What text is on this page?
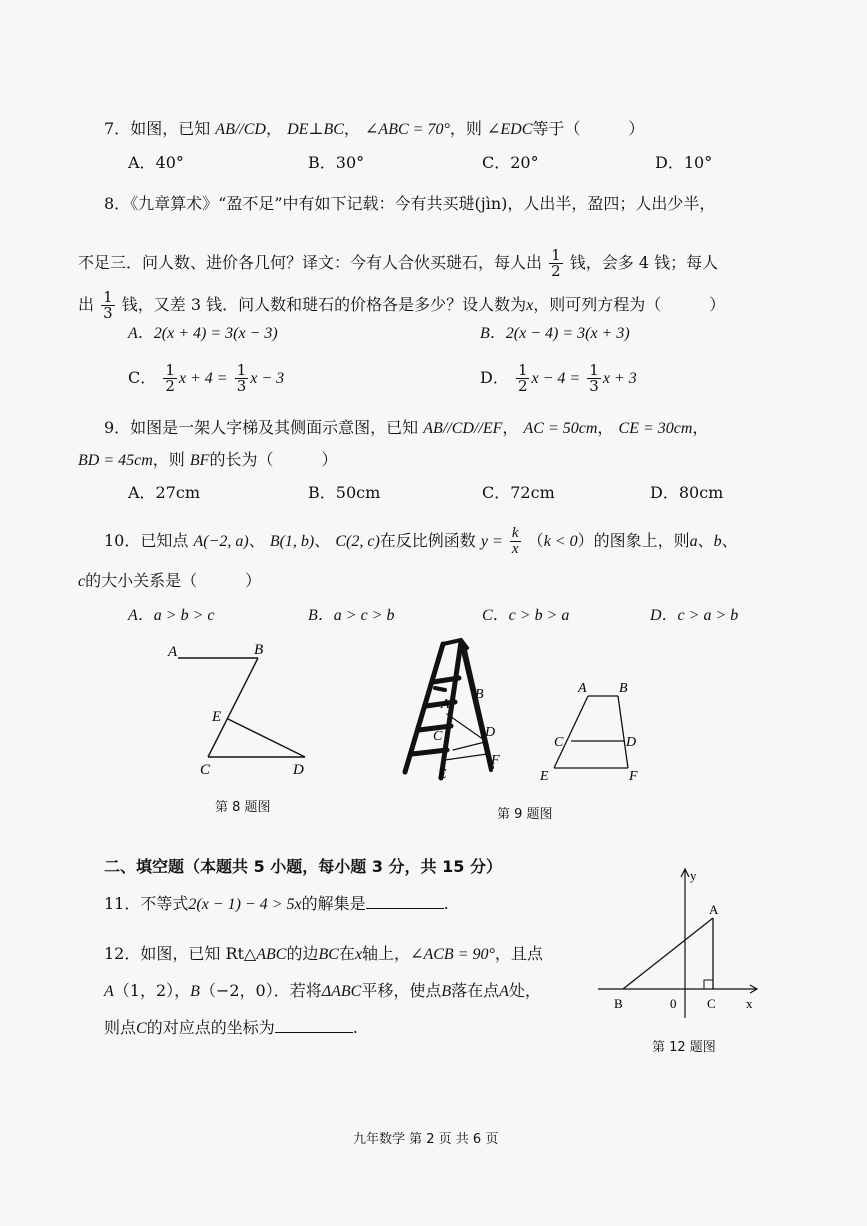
7．如图，已知 AB//CD， DE⊥BC， ∠ABC = 70°，则 ∠EDC等于（	）
A．40°	B．30°	C．20°	D．10°
8．《九章算术》“盈不足”中有如下记载：今有共买琎(jìn)，人出半，盈四；人出少半，
不足三．问人数、进价各几何？译文：今有人合伙买琎石，每人出 $\frac{1}{2}$ 钱，会多 4 钱；每人
出 $\frac{1}{3}$ 钱，又差 3 钱．问人数和琎石的价格各是多少？设人数为x，则可列方程为（	）
A．2(x + 4) = 3(x − 3)	B．2(x − 4) = 3(x + 3)
C． $\frac{1}{2}$ $x + 4 = \frac{1}{3}$ x − 3	D． $\frac{1}{2}$ $x - 4 = \frac{1}{3}$ x + 3
9．如图是一架人字梯及其侧面示意图，已知 AB//CD//EF， AC = 50cm， CE = 30cm，
BD = 45cm，则 BF的长为（	）
A．27cm	B．50cm	C．72cm	D．80cm
10．已知点 A(−2, a)、 B(1, b)、 C(2, c)在反比例函数 $y = \frac{k}{x} (k < 0)$的图象上，则a、b、
c的大小关系是（	）
A．a > b > c	B．a > c > b	C．c > b > a	D．c > a > b
A	B
E
C	D
第 8 题图
B
A
D
F
C
E
A B
C	D
E	F
第 9 题图
二、填空题（本题共 5 小题，每小题 3 分，共 15 分）
11．不等式2(x − 1) − 4 > 5x的解集是	.
12．如图，已知 Rt△ABC的边BC在x轴上，∠ACB = 90°，且点
A（1，2），B（−2，0）．若将ΔABC平移，使点B落在点A处，
则点C的对应点的坐标为	.
y
x
A
B	0 C
第 12 题图
九年数学 第 2 页 共 6 页
